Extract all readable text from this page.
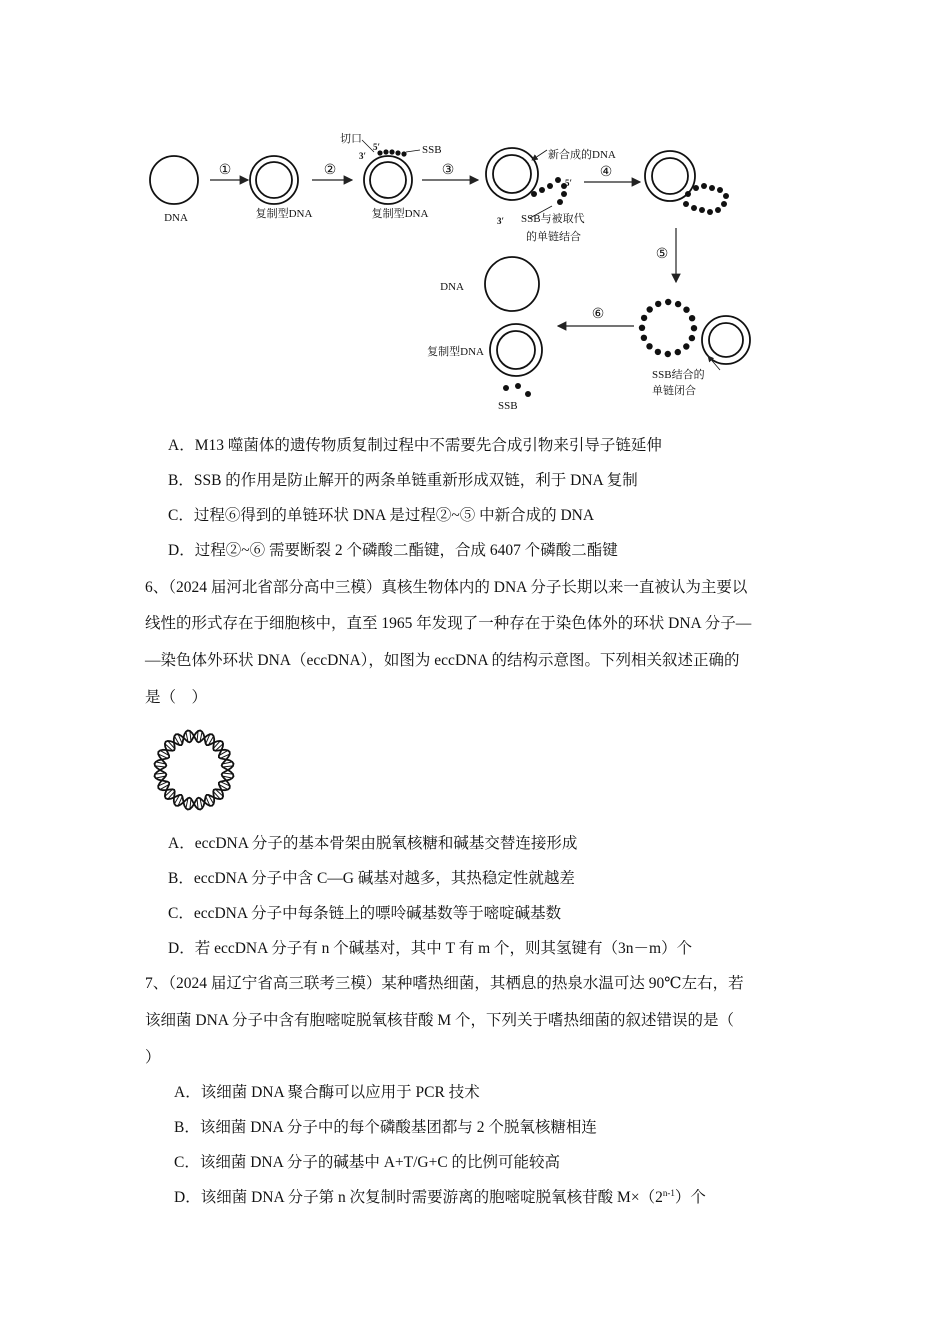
DNA
①
复制型DNA
②
切口
5′
3′	SSB
复制型DNA
③
新合成的DNA
5′
3′ SSB与被取代
的单链结合
④
⑤
SSB结合的
单链闭合
⑥
DNA
复制型DNA
SSB
A．M13 噬菌体的遗传物质复制过程中不需要先合成引物来引导子链延伸
B．SSB 的作用是防止解开的两条单链重新形成双链，利于 DNA 复制
C．过程⑥得到的单链环状 DNA 是过程②~⑤ 中新合成的 DNA
D．过程②~⑥ 需要断裂 2 个磷酸二酯键，合成 6407 个磷酸二酯键
6、（2024 届河北省部分高中三模）真核生物体内的 DNA 分子长期以来一直被认为主要以
线性的形式存在于细胞核中，直至 1965 年发现了一种存在于染色体外的环状 DNA 分子—
—染色体外环状 DNA（eccDNA），如图为 eccDNA 的结构示意图。下列相关叙述正确的
是（　）
A．eccDNA 分子的基本骨架由脱氧核糖和碱基交替连接形成
B．eccDNA 分子中含 C—G 碱基对越多，其热稳定性就越差
C．eccDNA 分子中每条链上的嘌呤碱基数等于嘧啶碱基数
D．若 eccDNA 分子有 n 个碱基对，其中 T 有 m 个，则其氢键有（3n－m）个
7、（2024 届辽宁省高三联考三模）某种嗜热细菌，其栖息的热泉水温可达 90℃左右，若
该细菌 DNA 分子中含有胞嘧啶脱氧核苷酸 M 个，下列关于嗜热细菌的叙述错误的是（
）
A．该细菌 DNA 聚合酶可以应用于 PCR 技术
B．该细菌 DNA 分子中的每个磷酸基团都与 2 个脱氧核糖相连
C．该细菌 DNA 分子的碱基中 A+T/G+C 的比例可能较高
D．该细菌 DNA 分子第 n 次复制时需要游离的胞嘧啶脱氧核苷酸 $M\times(2^{n-1})$个
